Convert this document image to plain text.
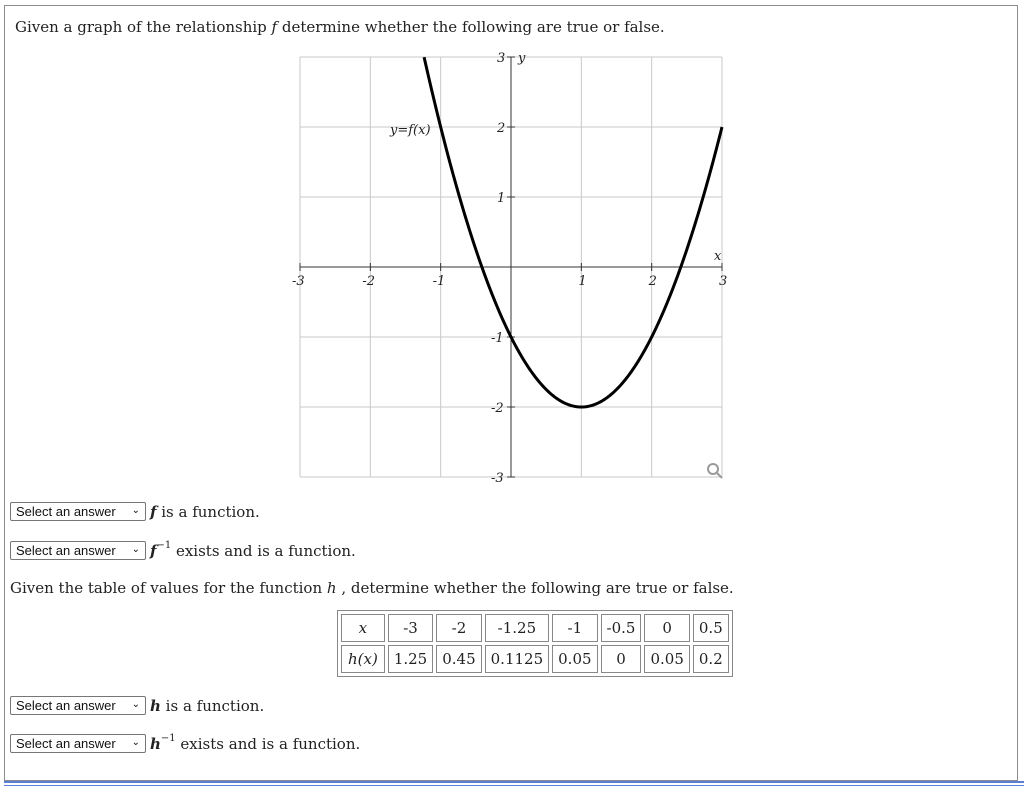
Given a graph of the relationship f determine whether the following are true or false.
-3	-2	-1	1	2	3
3
2
1
-1
-2
-3
y=f(x)
x
y
Select an answer ⌄ f is a function.
Select an answer ⌄ $f^{-1}$ exists and is a function.
Given the table of values for the function h , determine whether the following are true or false.
x	-3	-2	-1.25	-1	-0.5	0	0.5
h(x)	1.25	0.45	0.1125	0.05	0	0.05	0.2
Select an answer ⌄ h is a function.
Select an answer ⌄ $h^{-1}$ exists and is a function.
